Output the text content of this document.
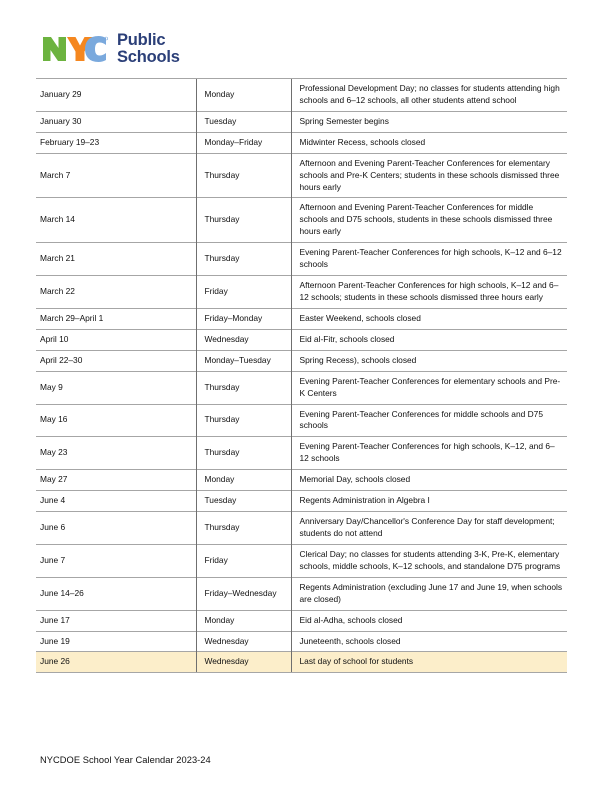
Public
Schools
January 29	Monday	Professional Development Day; no classes for students attending high schools and 6–12 schools, all other students attend school
January 30	Tuesday	Spring Semester begins
February 19–23	Monday–Friday	Midwinter Recess, schools closed
March 7	Thursday	Afternoon and Evening Parent-Teacher Conferences for elementary schools and Pre-K Centers; students in these schools dismissed three hours early
March 14	Thursday	Afternoon and Evening Parent-Teacher Conferences for middle schools and D75 schools, students in these schools dismissed three hours early
March 21	Thursday	Evening Parent-Teacher Conferences for high schools, K–12 and 6–12 schools
March 22	Friday	Afternoon Parent-Teacher Conferences for high schools, K–12 and 6–12 schools; students in these schools dismissed three hours early
March 29–April 1	Friday–Monday	Easter Weekend, schools closed
April 10	Wednesday	Eid al-Fitr, schools closed
April 22–30	Monday–Tuesday	Spring Recess), schools closed
May 9	Thursday	Evening Parent-Teacher Conferences for elementary schools and Pre-K Centers
May 16	Thursday	Evening Parent-Teacher Conferences for middle schools and D75 schools
May 23	Thursday	Evening Parent-Teacher Conferences for high schools, K–12, and 6–12 schools
May 27	Monday	Memorial Day, schools closed
June 4	Tuesday	Regents Administration in Algebra I
June 6	Thursday	Anniversary Day/Chancellor's Conference Day for staff development; students do not attend
June 7	Friday	Clerical Day; no classes for students attending 3-K, Pre-K, elementary schools, middle schools, K–12 schools, and standalone D75 programs
June 14–26	Friday–Wednesday	Regents Administration (excluding June 17 and June 19, when schools are closed)
June 17	Monday	Eid al-Adha, schools closed
June 19	Wednesday	Juneteenth, schools closed
June 26	Wednesday	Last day of school for students
NYCDOE School Year Calendar 2023-24
